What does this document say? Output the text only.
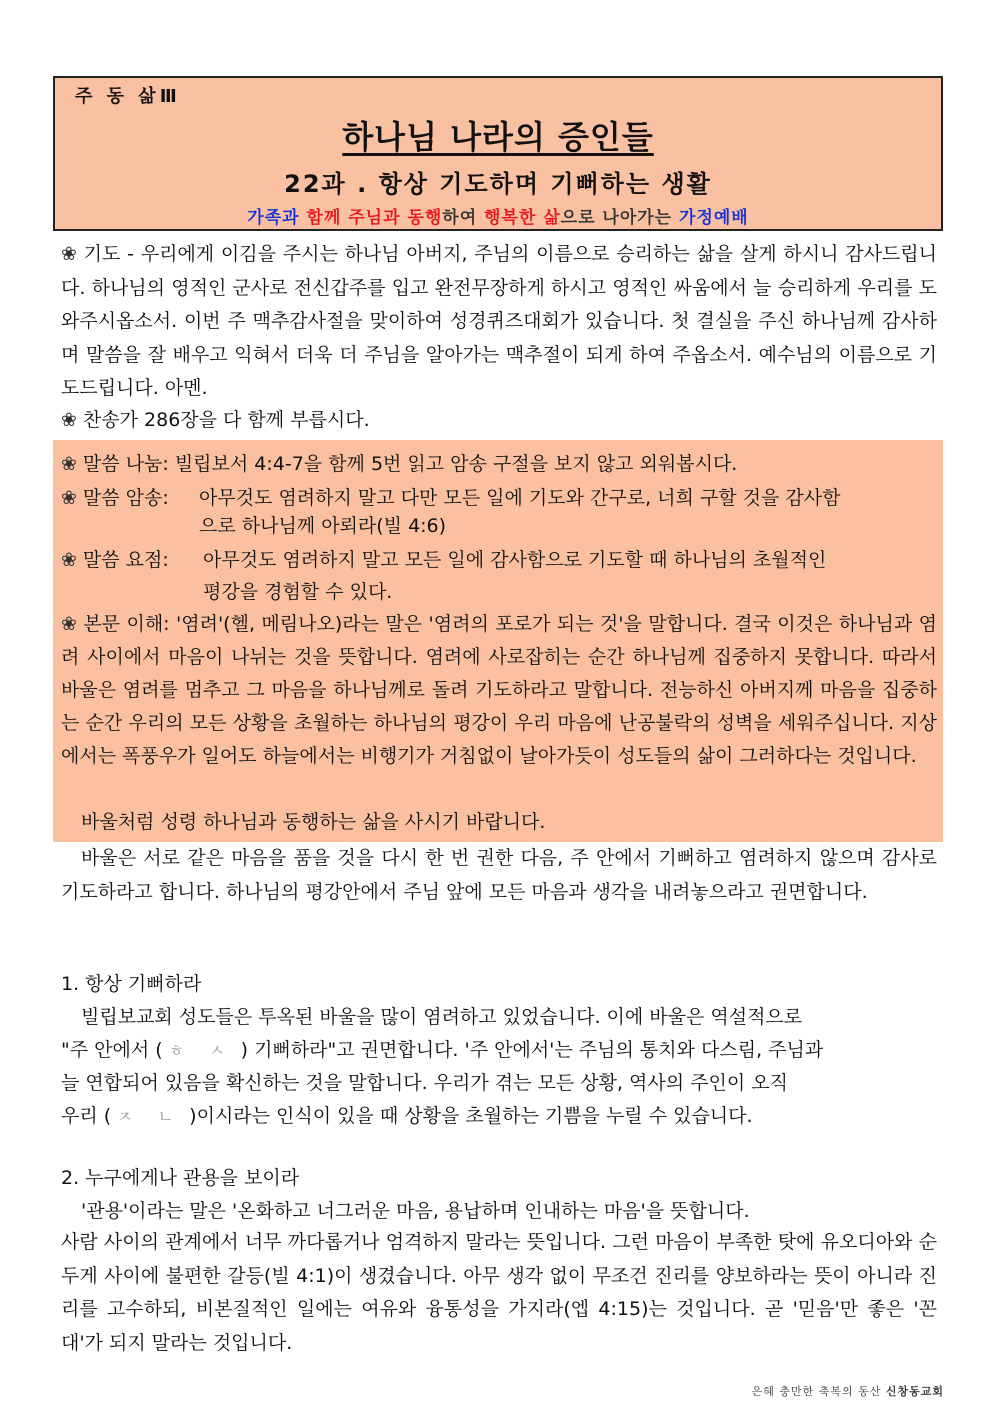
주 동 삶Ⅲ
하나님 나라의 증인들
22과 . 항상 기도하며 기뻐하는 생활
가족과 함께 주님과 동행하여 행복한 삶으로 나아가는 가정예배

❀ 기도 - 우리에게 이김을 주시는 하나님 아버지, 주님의 이름으로 승리하는 삶을 살게 하시니 감사드립니다. 하나님의 영적인 군사로 전신갑주를 입고 완전무장하게 하시고 영적인 싸움에서 늘 승리하게 우리를 도와주시옵소서. 이번 주 맥추감사절을 맞이하여 성경퀴즈대회가 있습니다. 첫 결실을 주신 하나님께 감사하며 말씀을 잘 배우고 익혀서 더욱 더 주님을 알아가는 맥추절이 되게 하여 주옵소서. 예수님의 이름으로 기도드립니다. 아멘.

❀ 찬송가 286장을 다 함께 부릅시다.

❀ 말씀 나눔: 빌립보서 4:4-7을 함께 5번 읽고 암송 구절을 보지 않고 외워봅시다.

❀ 말씀 암송: 아무것도 염려하지 말고 다만 모든 일에 기도와 간구로, 너희 구할 것을 감사함

으로 하나님께 아뢰라(빌 4:6)

❀ 말씀 요점: 아무것도 염려하지 말고 모든 일에 감사함으로 기도할 때 하나님의 초월적인

평강을 경험할 수 있다.

❀ 본문 이해: '염려'(헬, 메림나오)라는 말은 '염려의 포로가 되는 것'을 말합니다. 결국 이것은 하나님과 염려 사이에서 마음이 나뉘는 것을 뜻합니다. 염려에 사로잡히는 순간 하나님께 집중하지 못합니다. 따라서 바울은 염려를 멈추고 그 마음을 하나님께로 돌려 기도하라고 말합니다. 전능하신 아버지께 마음을 집중하는 순간 우리의 모든 상황을 초월하는 하나님의 평강이 우리 마음에 난공불락의 성벽을 세워주십니다. 지상에서는 폭풍우가 일어도 하늘에서는 비행기가 거침없이 날아가듯이 성도들의 삶이 그러하다는 것입니다.

바울처럼 성령 하나님과 동행하는 삶을 사시기 바랍니다.

바울은 서로 같은 마음을 품을 것을 다시 한 번 권한 다음, 주 안에서 기뻐하고 염려하지 않으며 감사로 기도하라고 합니다. 하나님의 평강안에서 주님 앞에 모든 마음과 생각을 내려놓으라고 권면합니다.

1. 항상 기뻐하라

빌립보교회 성도들은 투옥된 바울을 많이 염려하고 있었습니다. 이에 바울은 역설적으로

"주 안에서 ( ㅎ ㅅ ) 기뻐하라"고 권면합니다. '주 안에서'는 주님의 통치와 다스림, 주님과

늘 연합되어 있음을 확신하는 것을 말합니다. 우리가 겪는 모든 상황, 역사의 주인이 오직

우리 ( ㅈ ㄴ )이시라는 인식이 있을 때 상황을 초월하는 기쁨을 누릴 수 있습니다.

2. 누구에게나 관용을 보이라

'관용'이라는 말은 '온화하고 너그러운 마음, 용납하며 인내하는 마음'을 뜻합니다.

사람 사이의 관계에서 너무 까다롭거나 엄격하지 말라는 뜻입니다. 그런 마음이 부족한 탓에 유오디아와 순두게 사이에 불편한 갈등(빌 4:1)이 생겼습니다. 아무 생각 없이 무조건 진리를 양보하라는 뜻이 아니라 진리를 고수하되, 비본질적인 일에는 여유와 융통성을 가지라(엡 4:15)는 것입니다. 곧 '믿음'만 좋은 '꼰대'가 되지 말라는 것입니다.

은혜 충만한 축복의 동산 신창동교회
